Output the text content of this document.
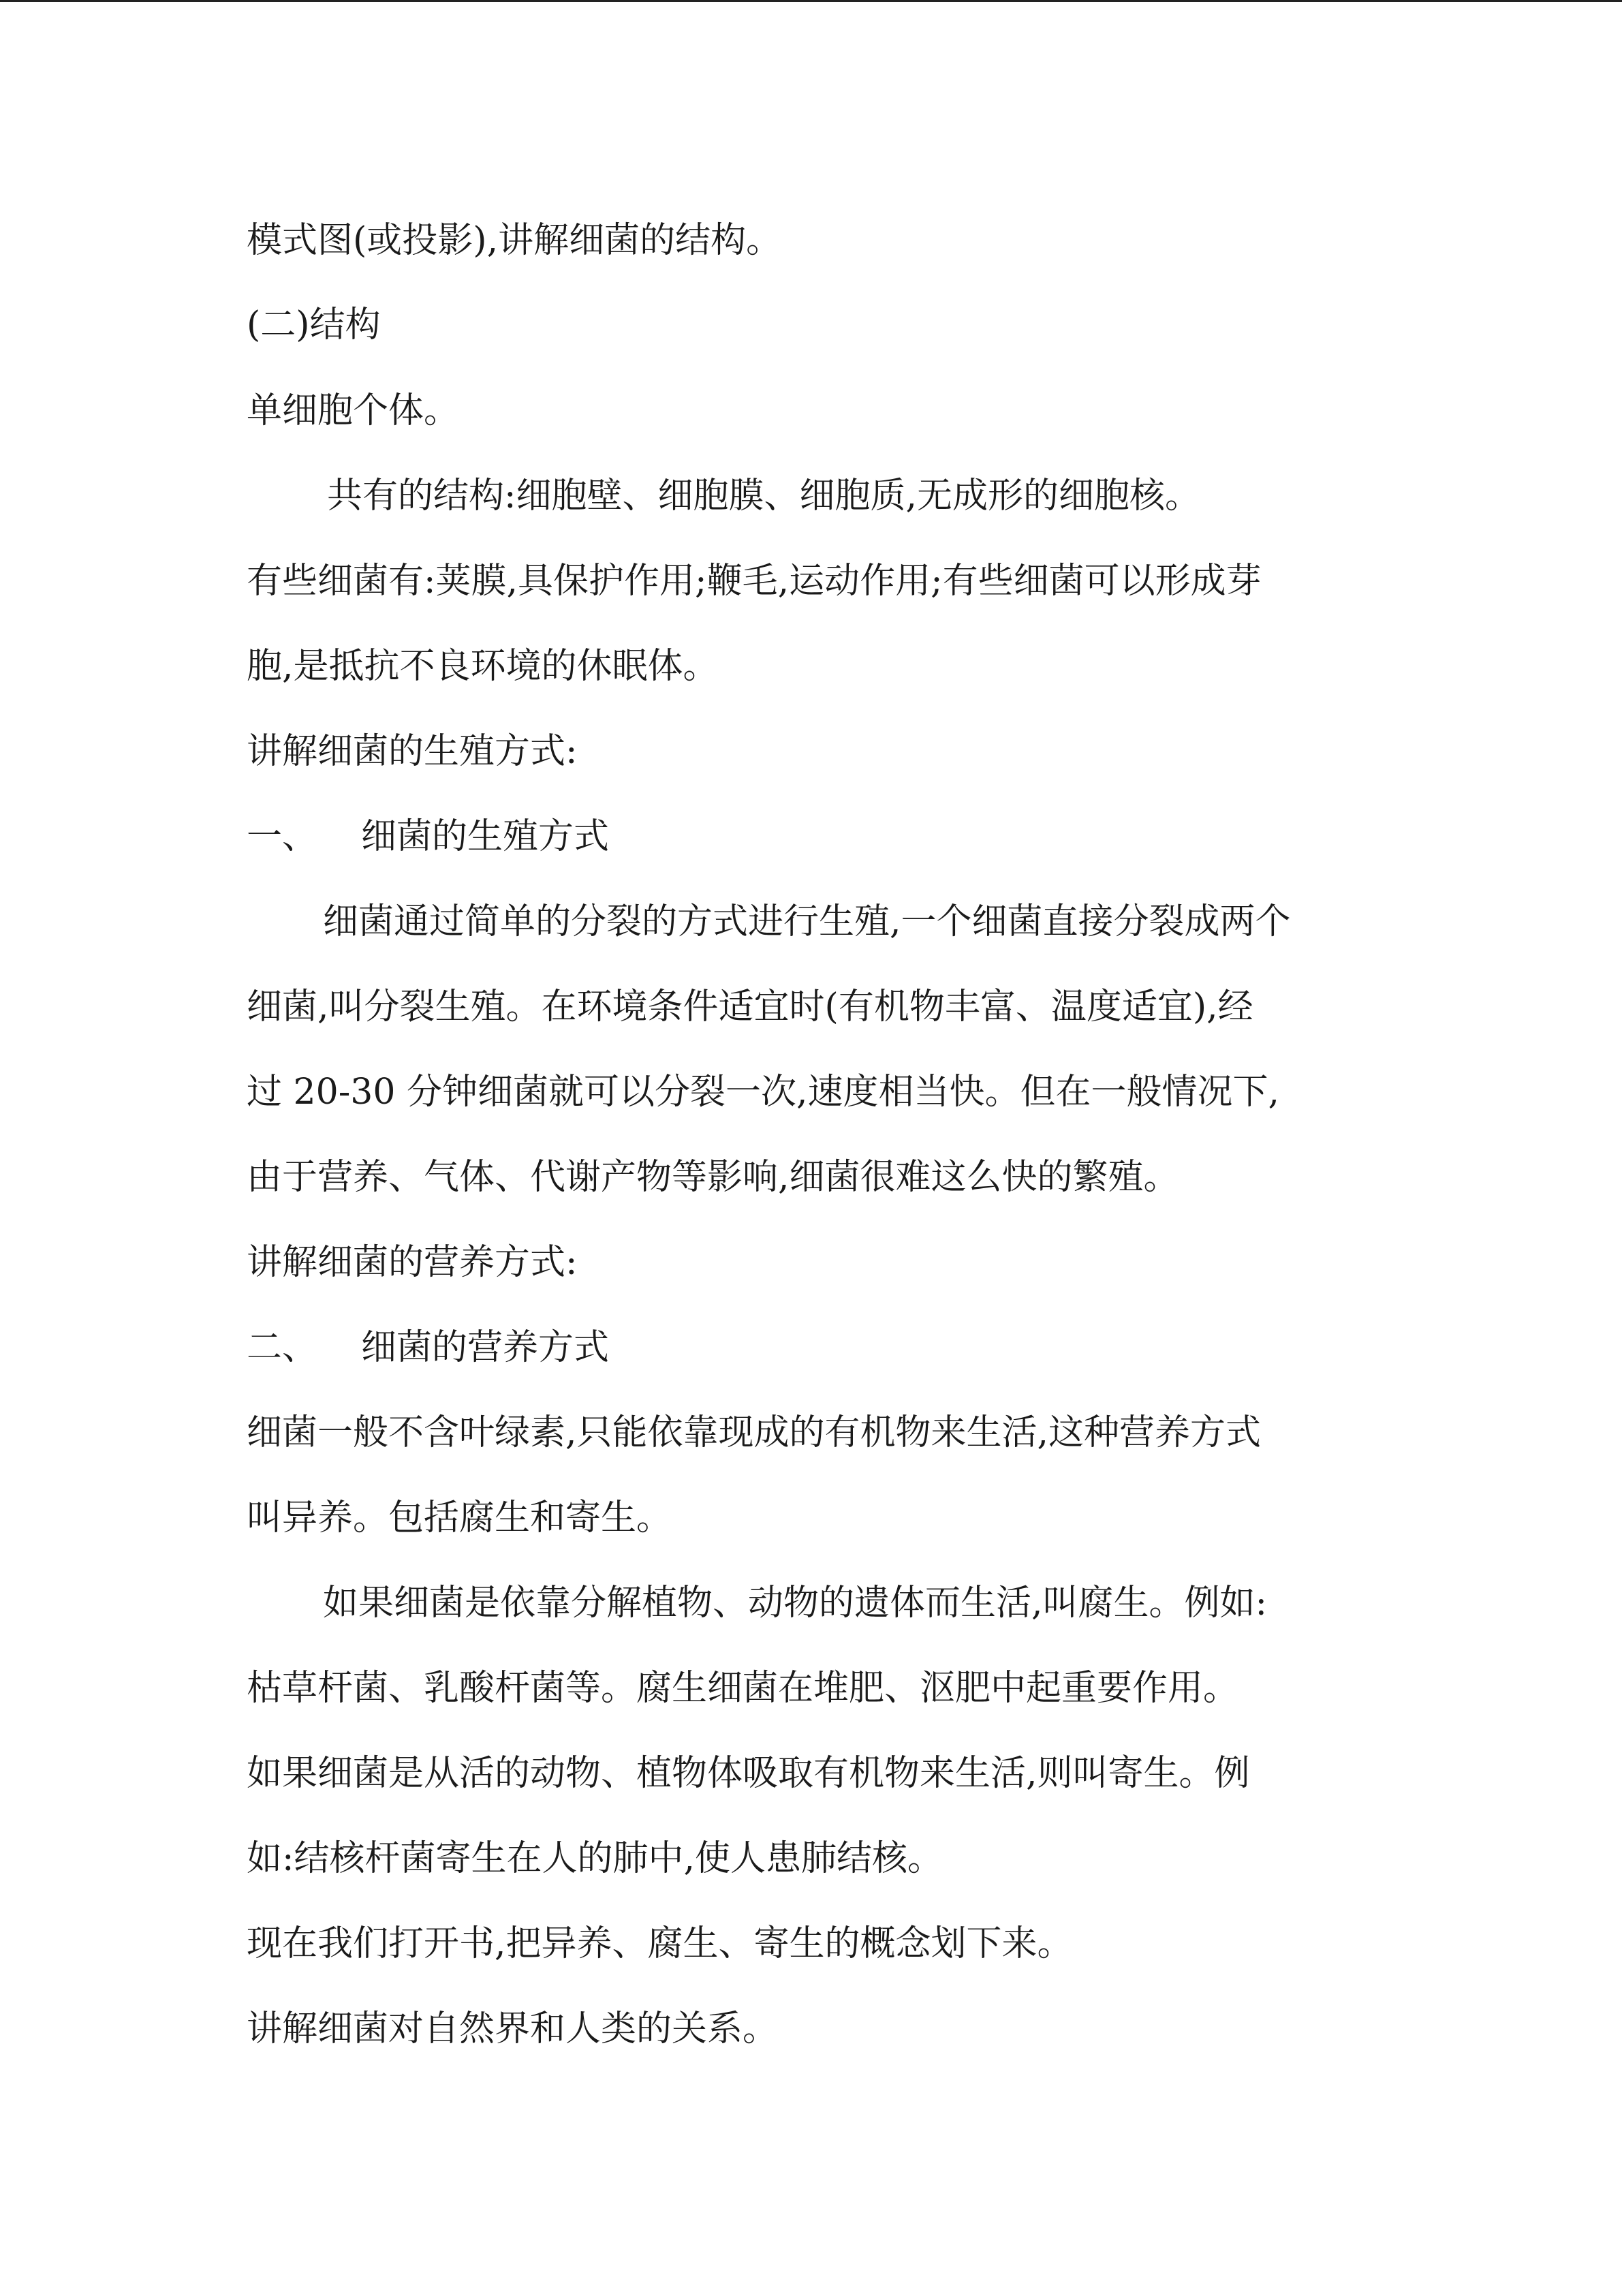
模式图(或投影),讲解细菌的结构。
(二)结构
单细胞个体。
共有的结构:细胞壁、细胞膜、细胞质,无成形的细胞核。
有些细菌有:荚膜,具保护作用;鞭毛,运动作用;有些细菌可以形成芽
胞,是抵抗不良环境的休眠体。
讲解细菌的生殖方式:
一、 细菌的生殖方式
细菌通过简单的分裂的方式进行生殖,一个细菌直接分裂成两个
细菌,叫分裂生殖。在环境条件适宜时(有机物丰富、温度适宜),经
过 20-30 分钟细菌就可以分裂一次,速度相当快。但在一般情况下,
由于营养、气体、代谢产物等影响,细菌很难这么快的繁殖。
讲解细菌的营养方式:
二、 细菌的营养方式
细菌一般不含叶绿素,只能依靠现成的有机物来生活,这种营养方式
叫异养。包括腐生和寄生。
如果细菌是依靠分解植物、动物的遗体而生活,叫腐生。例如:
枯草杆菌、乳酸杆菌等。腐生细菌在堆肥、沤肥中起重要作用。
如果细菌是从活的动物、植物体吸取有机物来生活,则叫寄生。例
如:结核杆菌寄生在人的肺中,使人患肺结核。
现在我们打开书,把异养、腐生、寄生的概念划下来。
讲解细菌对自然界和人类的关系。
